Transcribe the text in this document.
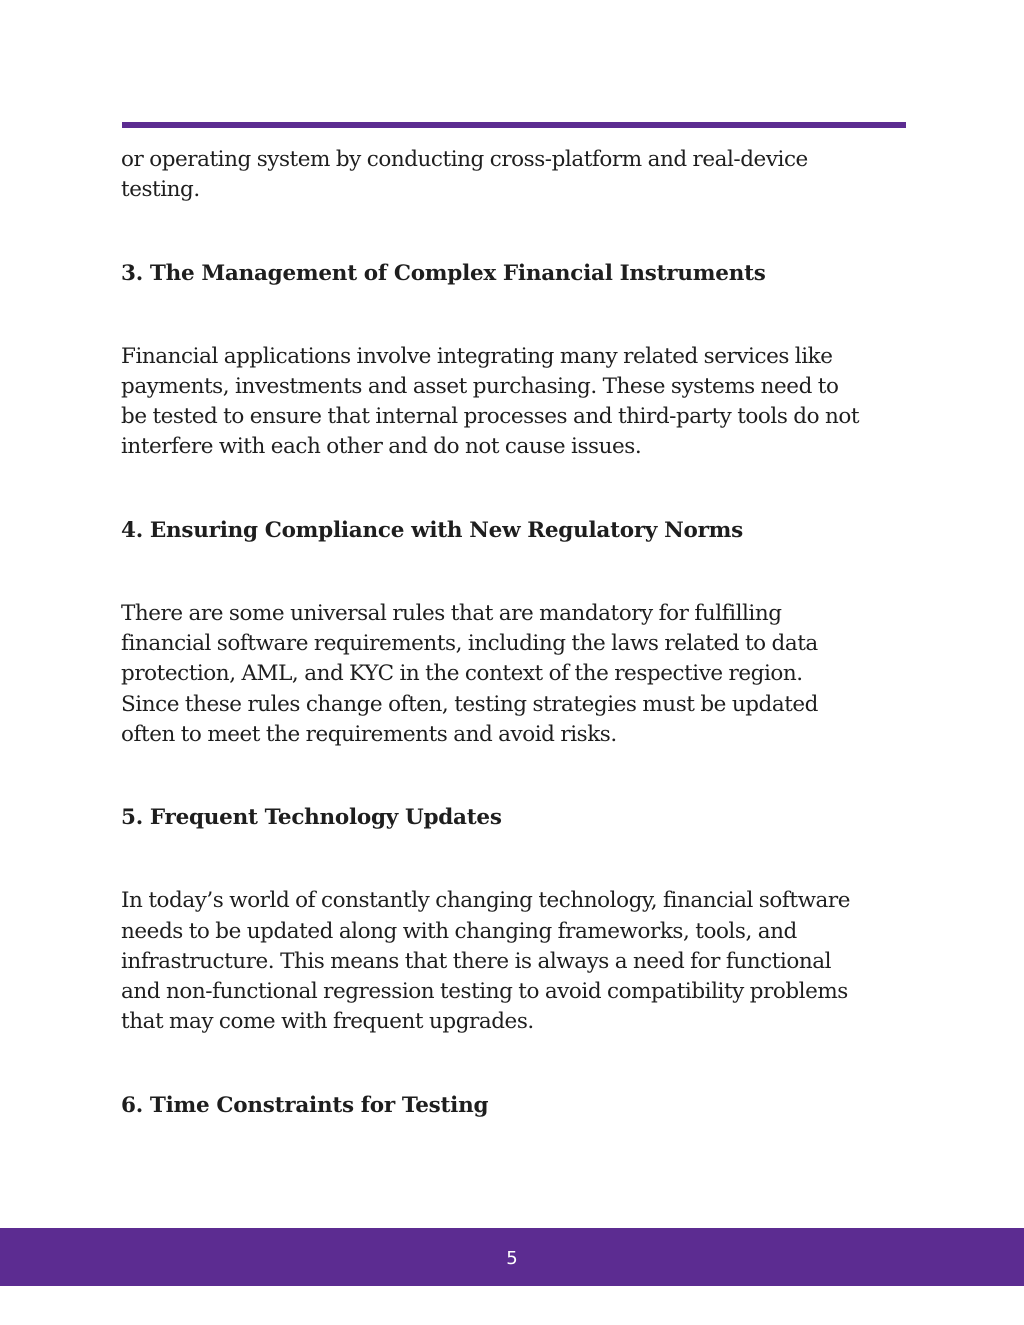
or operating system by conducting cross-platform and real-device
testing.

3. The Management of Complex Financial Instruments

Financial applications involve integrating many related services like
payments, investments and asset purchasing. These systems need to
be tested to ensure that internal processes and third-party tools do not
interfere with each other and do not cause issues.

4. Ensuring Compliance with New Regulatory Norms

There are some universal rules that are mandatory for fulfilling
financial software requirements, including the laws related to data
protection, AML, and KYC in the context of the respective region.
Since these rules change often, testing strategies must be updated
often to meet the requirements and avoid risks.

5. Frequent Technology Updates

In today’s world of constantly changing technology, financial software
needs to be updated along with changing frameworks, tools, and
infrastructure. This means that there is always a need for functional
and non-functional regression testing to avoid compatibility problems
that may come with frequent upgrades.

6. Time Constraints for Testing
5
